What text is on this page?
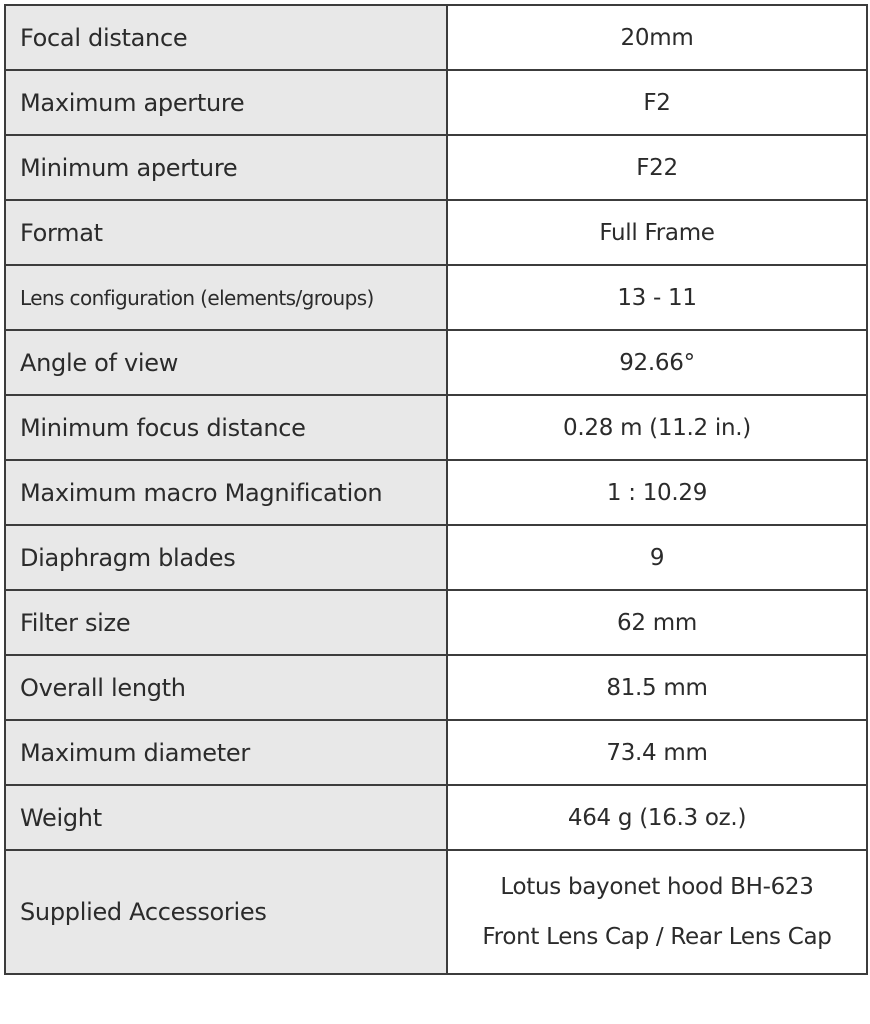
Focal distance	20mm
Maximum aperture	F2
Minimum aperture	F22
Format	Full Frame
Lens configuration (elements/groups)	13 - 11
Angle of view	92.66°
Minimum focus distance	0.28 m (11.2 in.)
Maximum macro Magnification	1 : 10.29
Diaphragm blades	9
Filter size	62 mm
Overall length	81.5 mm
Maximum diameter	73.4 mm
Weight	464 g (16.3 oz.)
Supplied Accessories	Lotus bayonet hood BH-623
Front Lens Cap / Rear Lens Cap
